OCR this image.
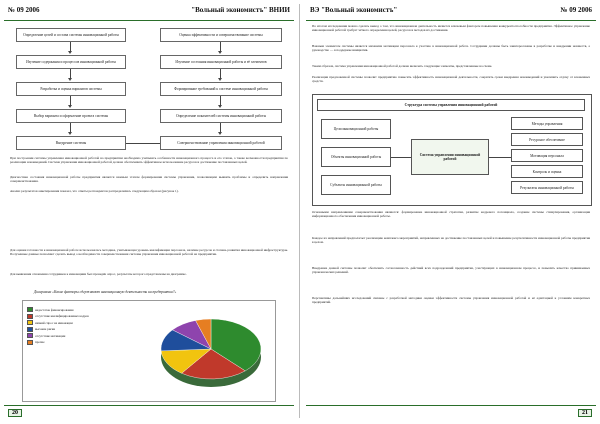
№ 09 2006	"Вольный экономистъ" ВНИИ
Определение целей и состава системы инновационной работы
Изучение содержания и процессов инновационной работы
Разработка и оценка вариантов системы
Выбор варианта и оформление проекта системы
Внедрение системы
Оценка эффективности и совершенствование системы
Изучение состояния инновационной работы и её элементов
Формирование требований к системе инновационной работы
Определение показателей системы инновационной работы
Совершенствование управления инновационной работой
При построении системы управления инновационной работой на предприятии необходимо учитывать особенности инновационного процесса и его этапов, а также возможности предприятия по реализации нововведений. Система управления инновационной работой должна обеспечивать эффективное использование ресурсов и достижение поставленных целей.
Диагностика состояния инновационной работы предприятия является важным этапом формирования системы управления, позволяющим выявить проблемы и определить направления совершенствования.
Анализ результатов анкетирования показал, что ответы респондентов распределились следующим образом (рисунок 1).
Для оценки готовности к инновационной работе использовалась методика, учитывающая уровень квалификации персонала, наличие ресурсов и степень развития инновационной инфраструктуры. Полученные данные позволяют сделать вывод о необходимости совершенствования системы управления инновационной работой на предприятии.
Для выявления отношения сотрудников к инновациям был проведён опрос, результаты которого представлены на диаграмме.
Диаграмма «Какие факторы сдерживают инновационную деятельность на предприятии?»
недостаток финансирования
отсутствие квалифицированных кадров
низкий спрос на инновации
высокие риски
отсутствие мотивации
прочие
20
ВЭ "Вольный экономистъ"	№ 09 2006
По итогам исследования можно сделать вывод о том, что инновационная деятельность является ключевым фактором повышения конкурентоспособности предприятия. Эффективное управление инновационной работой требует чёткого определения целей, ресурсов и методов их достижения.
Важным элементом системы является механизм мотивации персонала к участию в инновационной работе. Сотрудники должны быть заинтересованы в разработке и внедрении новшеств, а руководство — в поддержке инициатив.
Таким образом, система управления инновационной работой должна включать следующие элементы, представленные на схеме.
Реализация предложенной системы позволит предприятию повысить эффективность инновационной деятельности, сократить сроки внедрения нововведений и увеличить отдачу от вложенных средств.
Структура системы управления инновационной работой
Цели инновационной работы
Объекты инновационной работы
Субъекты инновационной работы
Система управления инновационной работой
Методы управления
Ресурсное обеспечение
Мотивация персонала
Контроль и оценка
Результаты инновационной работы
Основными направлениями совершенствования являются: формирование инновационной стратегии, развитие кадрового потенциала, создание системы стимулирования, организация информационного обеспечения инновационной работы.
Каждое из направлений предполагает реализацию комплекса мероприятий, направленных на достижение поставленных целей и повышение результативности инновационной работы предприятия в целом.
Внедрение данной системы позволит обеспечить согласованность действий всех подразделений предприятия, участвующих в инновационном процессе, и повысить качество принимаемых управленческих решений.
Перспективы дальнейших исследований связаны с разработкой методики оценки эффективности системы управления инновационной работой и её адаптацией к условиям конкретных предприятий.
21
